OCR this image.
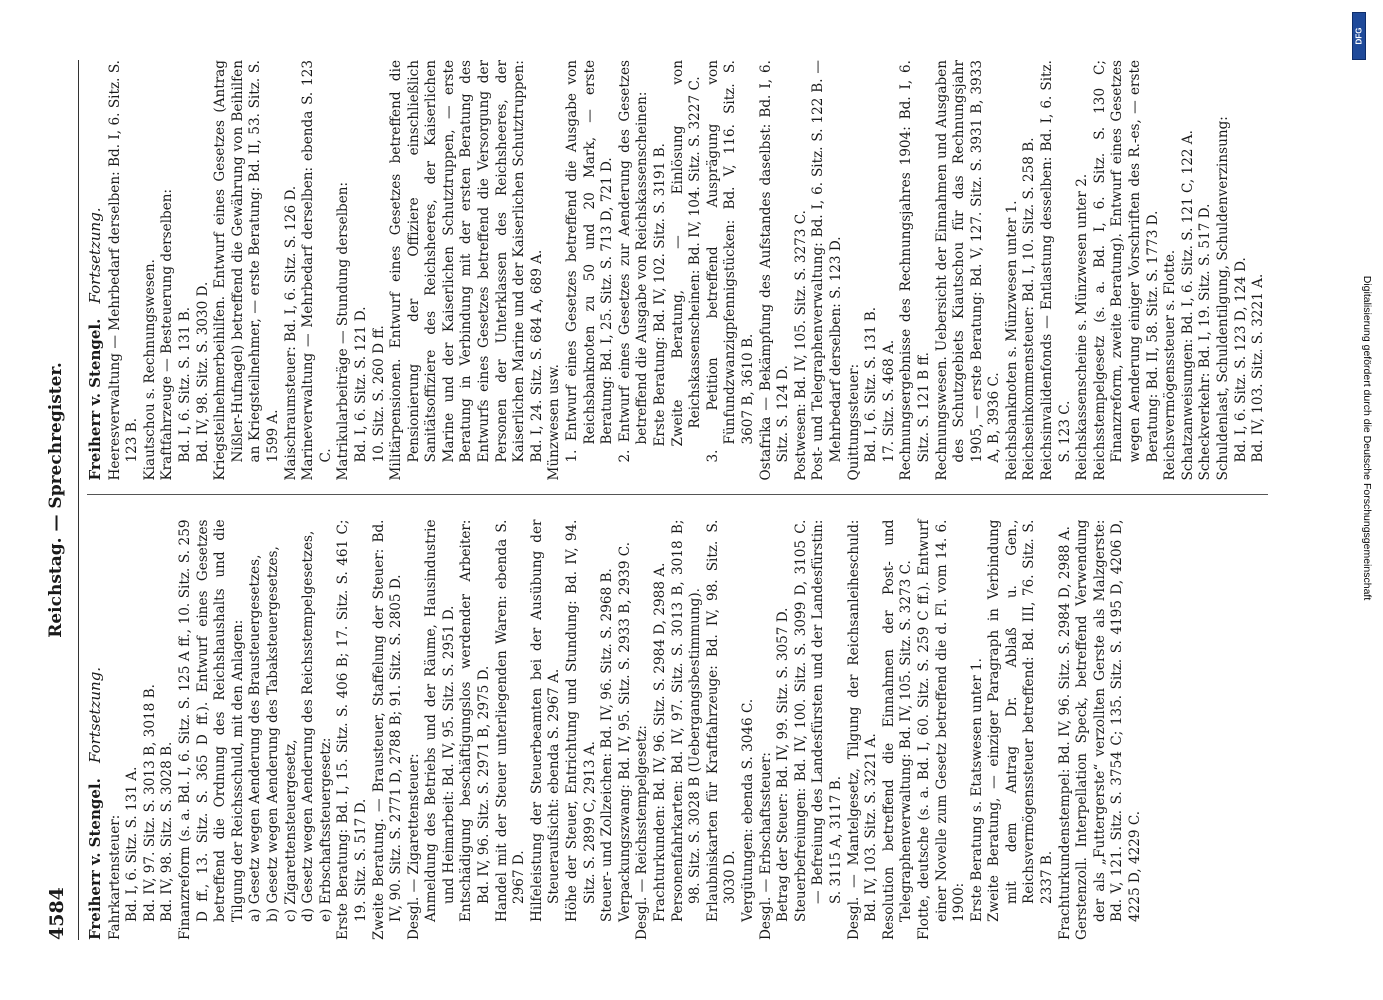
4584
Reichstag. — Sprechregister.
Freiherr v. Stengel. Fortsetzung.

Fahrkartensteuer: Bd. I, 6. Sitz. S. 131 A. Bd. IV, 97. Sitz. S. 3013 B, 3018 B. Bd. IV, 98. Sitz. S. 3028 B. Finanzreform (s. a. Bd. I, 6. Sitz. S. 125 A ff., 10. Sitz. S. 259 D ff., 13. Sitz. S. 365 D ff.). Entwurf eines Gesetzes betreffend die Ordnung des Reichshaushalts und die Tilgung der Reichsschuld, mit den Anlagen: a) Gesetz wegen Aenderung des Brausteuergesetzes, b) Gesetz wegen Aenderung des Tabaksteuergesetzes, c) Zigarettensteuergesetz, d) Gesetz wegen Aenderung des Reichsstempelgesetzes, e) Erbschaftssteuergesetz: Erste Beratung: Bd. I, 15. Sitz. S. 406 B; 17. Sitz. S. 461 C; 19. Sitz. S. 517 D. Zweite Beratung. — Brausteuer, Staffelung der Steuer: Bd. IV, 90. Sitz. S. 2771 D, 2788 B; 91. Sitz. S. 2805 D. Desgl. — Zigarettensteuer: Anmeldung des Betriebs und der Räume, Hausindustrie und Heimarbeit: Bd. IV, 95. Sitz. S. 2951 D. Entschädigung beschäftigungslos werdender Arbeiter: Bd. IV, 96. Sitz. S. 2971 B, 2975 D. Handel mit der Steuer unterliegenden Waren: ebenda S. 2967 D. Hilfeleistung der Steuerbeamten bei der Ausübung der Steueraufsicht: ebenda S. 2967 A. Höhe der Steuer, Entrichtung und Stundung: Bd. IV, 94. Sitz. S. 2899 C, 2913 A. Steuer- und Zollzeichen: Bd. IV, 96. Sitz. S. 2968 B. Verpackungszwang: Bd. IV, 95. Sitz. S. 2933 B, 2939 C. Desgl. — Reichsstempelgesetz: Frachturkunden: Bd. IV, 96. Sitz. S. 2984 D, 2988 A. Personenfahrkarten: Bd. IV, 97. Sitz. S. 3013 B, 3018 B; 98. Sitz. S. 3028 B (Uebergangsbestimmung). Erlaubniskarten für Kraftfahrzeuge: Bd. IV, 98. Sitz. S. 3030 D. Vergütungen: ebenda S. 3046 C. Desgl. — Erbschaftssteuer: Betrag der Steuer: Bd. IV, 99. Sitz. S. 3057 D. Steuerbefreiungen: Bd. IV, 100. Sitz. S. 3099 D, 3105 C. — Befreiung des Landesfürsten und der Landesfürstin: S. 3115 A, 3117 B. Desgl. — Mantelgesetz, Tilgung der Reichsanleiheschuld: Bd. IV, 103. Sitz. S. 3221 A. Resolution betreffend die Einnahmen der Post- und Telegraphenverwaltung: Bd. IV, 105. Sitz. S. 3273 C. Flotte, deutsche (s. a. Bd. I, 60. Sitz. S. 259 C ff.). Entwurf einer Novelle zum Gesetz betreffend die d. Fl. vom 14. 6. 1900: Erste Beratung s. Etatswesen unter 1. Zweite Beratung, — einziger Paragraph in Verbindung mit dem Antrag Dr. Ablaß u. Gen., Reichsvermögenssteuer betreffend: Bd. III, 76. Sitz. S. 2337 B. Frachturkundenstempel: Bd. IV, 96. Sitz. S. 2984 D, 2988 A. Gerstenzoll. Interpellation Speck, betreffend Verwendung der als „Futtergerste“ verzollten Gerste als Malzgerste: Bd. V, 121. Sitz. S. 3754 C; 135. Sitz. S. 4195 D, 4206 D, 4225 D, 4229 C.

Freiherr v. Stengel. Fortsetzung. Heeresverwaltung — Mehrbedarf derselben: Bd. I, 6. Sitz. S. 123 B. Kiautschou s. Rechnungswesen. Kraftfahrzeuge — Besteuerung derselben: Bd. I, 6. Sitz. S. 131 B. Bd. IV, 98. Sitz. S. 3030 D. Kriegsteilnehmerbeihilfen. Entwurf eines Gesetzes (Antrag Nißler-Hufnagel) betreffend die Gewährung von Beihilfen an Kriegsteilnehmer, — erste Beratung: Bd. II, 53. Sitz. S. 1599 A. Maischraumsteuer: Bd. I, 6. Sitz. S. 126 D. Marineverwaltung — Mehrbedarf derselben: ebenda S. 123 C. Matrikularbeiträge — Stundung derselben: Bd. I, 6. Sitz. S. 121 D. 10. Sitz. S. 260 D ff. Militärpensionen. Entwurf eines Gesetzes betreffend die Pensionierung der Offiziere einschließlich Sanitätsoffiziere des Reichsheeres, der Kaiserlichen Marine und der Kaiserlichen Schutztruppen, — erste Beratung in Verbindung mit der ersten Beratung des Entwurfs eines Gesetzes betreffend die Versorgung der Personen der Unterklassen des Reichsheeres, der Kaiserlichen Marine und der Kaiserlichen Schutztruppen: Bd. I, 24. Sitz. S. 684 A, 689 A. Münzwesen usw. 1. Entwurf eines Gesetzes betreffend die Ausgabe von Reichsbanknoten zu 50 und 20 Mark, — erste Beratung: Bd. I, 25. Sitz. S. 713 D, 721 D. 2. Entwurf eines Gesetzes zur Aenderung des Gesetzes betreffend die Ausgabe von Reichskassenscheinen: Erste Beratung: Bd. IV, 102. Sitz. S. 3191 B. Zweite Beratung, — Einlösung von Reichskassenscheinen: Bd. IV, 104. Sitz. S. 3227 C. 3. Petition betreffend Ausprägung von Fünfundzwanzigpfennigstücken: Bd. V, 116. Sitz. S. 3607 B, 3610 B. Ostafrika — Bekämpfung des Aufstandes daselbst: Bd. I, 6. Sitz. S. 124 D. Postwesen: Bd. IV, 105. Sitz. S. 3273 C. Post- und Telegraphenverwaltung: Bd. I, 6. Sitz. S. 122 B. — Mehrbedarf derselben: S. 123 D. Quittungssteuer: Bd. I, 6. Sitz. S. 131 B. 17. Sitz. S. 468 A. Rechnungsergebnisse des Rechnungsjahres 1904: Bd. I, 6. Sitz. S. 121 B ff. Rechnungswesen. Uebersicht der Einnahmen und Ausgaben des Schutzgebiets Kiautschou für das Rechnungsjahr 1905, — erste Beratung: Bd. V, 127. Sitz. S. 3931 B, 3933 A, B, 3936 C. Reichsbanknoten s. Münzwesen unter 1. Reichseinkommensteuer: Bd. I, 10. Sitz. S. 258 B. Reichsinvalidenfonds — Entlastung desselben: Bd. I, 6. Sitz. S. 123 C. Reichskassenscheine s. Münzwesen unter 2. Reichsstempelgesetz (s. a. Bd. I, 6. Sitz. S. 130 C; Finanzreform, zweite Beratung). Entwurf eines Gesetzes wegen Aenderung einiger Vorschriften des R.-es, — erste Beratung: Bd. II, 58. Sitz. S. 1773 D. Reichsvermögenssteuer s. Flotte. Schatzanweisungen: Bd. I, 6. Sitz. S. 121 C, 122 A. Scheckverkehr: Bd. I, 19. Sitz. S. 517 D. Schuldenlast, Schuldentilgung, Schuldenverzinsung: Bd. I, 6. Sitz. S. 123 D, 124 D. Bd. IV, 103. Sitz. S. 3221 A.

DFG
Digitalisierung gefördert durch die Deutsche Forschungsgemeinschaft
